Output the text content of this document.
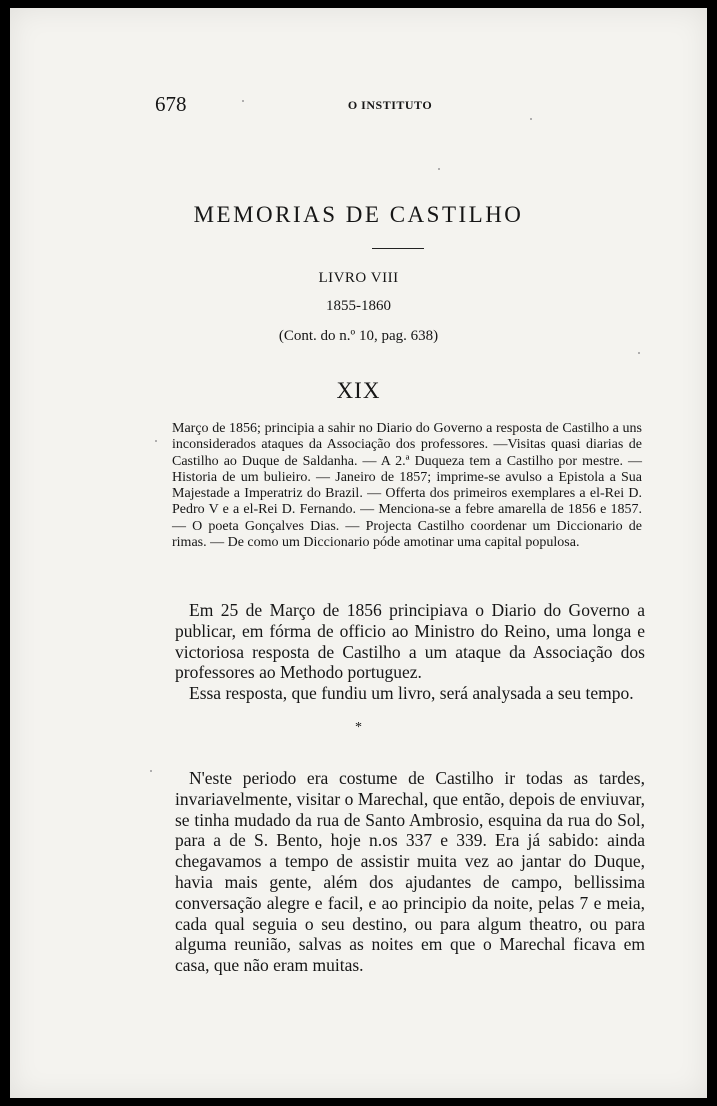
678	O INSTITUTO
MEMORIAS DE CASTILHO
LIVRO VIII
1855-1860
(Cont. do n.º 10, pag. 638)
XIX
Março de 1856; principia a sahir no Diario do Governo a resposta de Castilho a uns inconsiderados ataques da Associação dos professores. —Visitas quasi diarias de Castilho ao Duque de Saldanha. — A 2.ª Duqueza tem a Castilho por mestre. — Historia de um bulieiro. — Janeiro de 1857; imprime-se avulso a Epistola a Sua Majestade a Imperatriz do Brazil. — Offerta dos primeiros exemplares a el-Rei D. Pedro V e a el-Rei D. Fernando. — Menciona-se a febre amarella de 1856 e 1857. — O poeta Gonçalves Dias. — Projecta Castilho coordenar um Diccionario de rimas. — De como um Diccionario póde amotinar uma capital populosa.

Em 25 de Março de 1856 principiava o Diario do Governo a publicar, em fórma de officio ao Ministro do Reino, uma longa e victoriosa resposta de Castilho a um ataque da Associação dos professores ao Methodo portuguez.

Essa resposta, que fundiu um livro, será analysada a seu tempo.

*

N'este periodo era costume de Castilho ir todas as tardes, invariavelmente, visitar o Marechal, que então, depois de enviuvar, se tinha mudado da rua de Santo Ambrosio, esquina da rua do Sol, para a de S. Bento, hoje n.os 337 e 339. Era já sabido: ainda chegavamos a tempo de assistir muita vez ao jantar do Duque, havia mais gente, além dos ajudantes de campo, bellissima conversação alegre e facil, e ao principio da noite, pelas 7 e meia, cada qual seguia o seu destino, ou para algum theatro, ou para alguma reunião, salvas as noites em que o Marechal ficava em casa, que não eram muitas.
